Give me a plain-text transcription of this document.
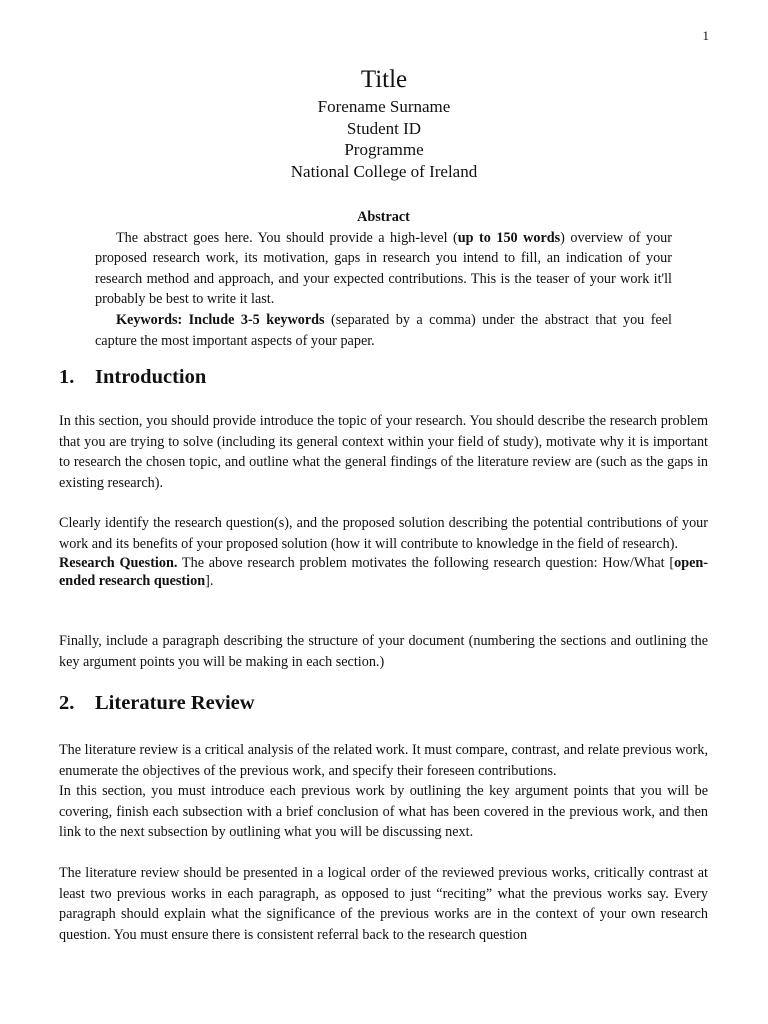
1
Title
Forename Surname
Student ID
Programme
National College of Ireland
Abstract

The abstract goes here. You should provide a high-level (up to 150 words) overview of your proposed research work, its motivation, gaps in research you intend to fill, an indication of your research method and approach, and your expected contributions. This is the teaser of your work it'll probably be best to write it last.

Keywords: Include 3-5 keywords (separated by a comma) under the abstract that you feel capture the most important aspects of your paper.

1. Introduction

In this section, you should provide introduce the topic of your research. You should describe the research problem that you are trying to solve (including its general context within your field of study), motivate why it is important to research the chosen topic, and outline what the general findings of the literature review are (such as the gaps in existing research).

Clearly identify the research question(s), and the proposed solution describing the potential contributions of your work and its benefits of your proposed solution (how it will contribute to knowledge in the field of research).

Research Question. The above research problem motivates the following research question: How/What [open-ended research question].

Finally, include a paragraph describing the structure of your document (numbering the sections and outlining the key argument points you will be making in each section.)

2. Literature Review

The literature review is a critical analysis of the related work. It must compare, contrast, and relate previous work, enumerate the objectives of the previous work, and specify their foreseen contributions.

In this section, you must introduce each previous work by outlining the key argument points that you will be covering, finish each subsection with a brief conclusion of what has been covered in the previous work, and then link to the next subsection by outlining what you will be discussing next.

The literature review should be presented in a logical order of the reviewed previous works, critically contrast at least two previous works in each paragraph, as opposed to just “reciting” what the previous works say. Every paragraph should explain what the significance of the previous works are in the context of your own research question. You must ensure there is consistent referral back to the research question
